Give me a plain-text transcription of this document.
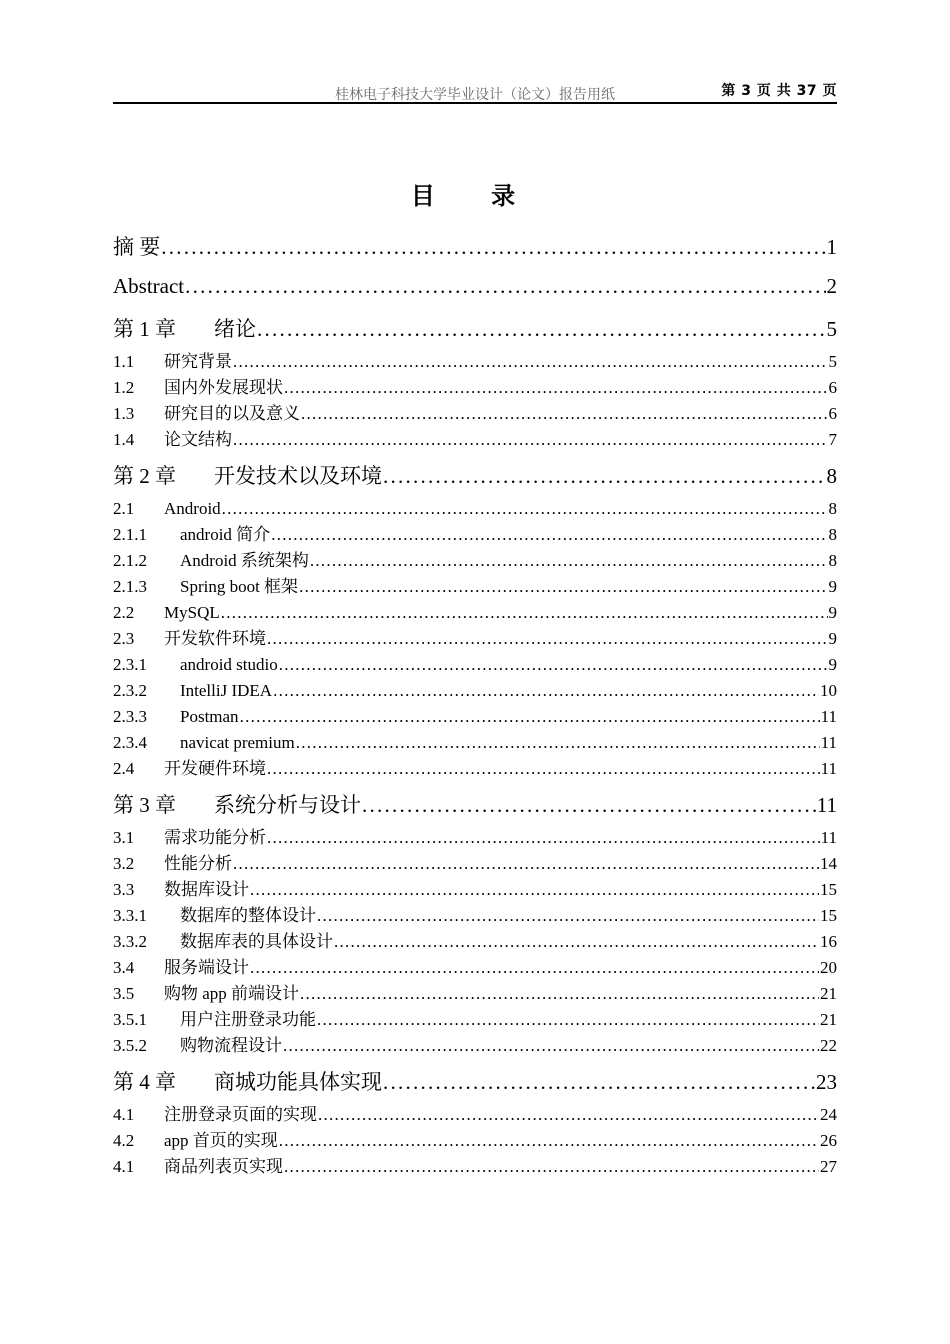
桂林电子科技大学毕业设计（论文）报告用纸	第 3 页 共 37 页
目 录
摘 要 . . .	1
Abstract . . .	2
第 1 章	绪论 . . .	5
1.1	研究背景 . . .	5
1.2	国内外发展现状 . . .	6
1.3	研究目的以及意义 . . .	6
1.4	论文结构 . . .	7
第 2 章	开发技术以及环境 . . .	8
2.1	Android . . .	8
2.1.1	android 简介 . . .	8
2.1.2	Android 系统架构 . . .	8
2.1.3	Spring boot 框架 . . .	9
2.2	MySQL . . .	9
2.3	开发软件环境 . . .	9
2.3.1	android studio . . .	9
2.3.2	IntelliJ IDEA . . .	10
2.3.3	Postman . . .	11
2.3.4	navicat premium . . .	11
2.4	开发硬件环境 . . .	11
第 3 章	系统分析与设计 . . .	11
3.1	需求功能分析 . . .	11
3.2	性能分析 . . .	14
3.3	数据库设计 . . .	15
3.3.1	数据库的整体设计 . . .	15
3.3.2	数据库表的具体设计 . . .	16
3.4	服务端设计 . . .	20
3.5	购物 app 前端设计 . . .	21
3.5.1	用户注册登录功能 . . .	21
3.5.2	购物流程设计 . . .	22
第 4 章	商城功能具体实现 . . .	23
4.1	注册登录页面的实现 . . .	24
4.2	app 首页的实现 . . .	26
4.1	商品列表页实现 . . .	27
